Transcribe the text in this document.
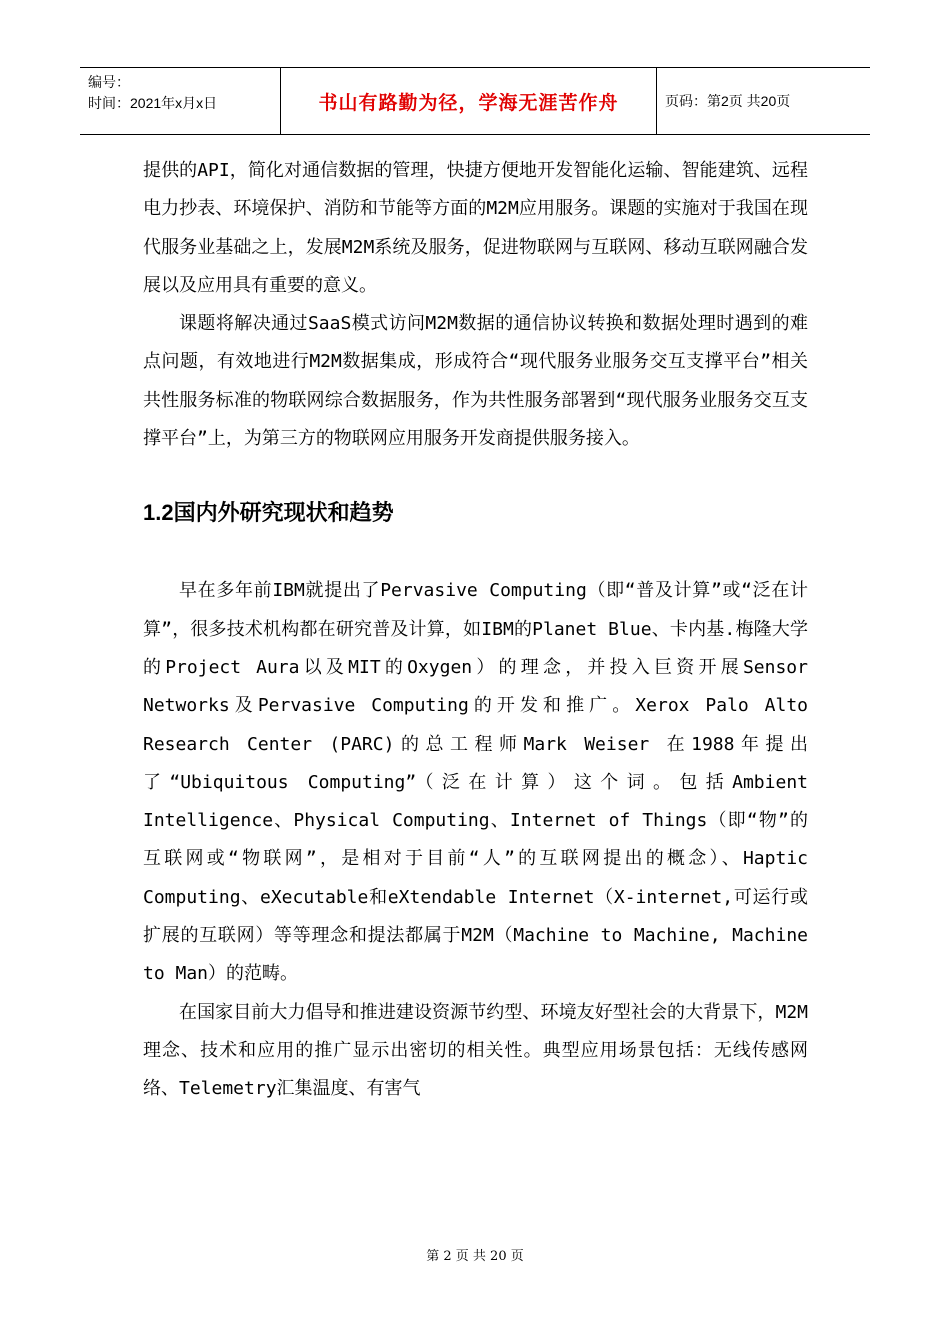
编号：
时间：2021年x月x日	书山有路勤为径，学海无涯苦作舟	页码：第2页 共20页

提供的API，简化对通信数据的管理，快捷方便地开发智能化运输、智能建筑、远程电力抄表、环境保护、消防和节能等方面的M2M应用服务。课题的实施对于我国在现代服务业基础之上，发展M2M系统及服务，促进物联网与互联网、移动互联网融合发展以及应用具有重要的意义。

课题将解决通过SaaS模式访问M2M数据的通信协议转换和数据处理时遇到的难点问题，有效地进行M2M数据集成，形成符合“现代服务业服务交互支撑平台”相关共性服务标准的物联网综合数据服务，作为共性服务部署到“现代服务业服务交互支撑平台”上，为第三方的物联网应用服务开发商提供服务接入。

1.2国内外研究现状和趋势

早在多年前IBM就提出了Pervasive Computing（即“普及计算”或“泛在计算”，很多技术机构都在研究普及计算，如IBM的Planet Blue、卡内基.梅隆大学的Project Aura以及MIT的Oxygen）的理念，并投入巨资开展Sensor Networks及Pervasive Computing的开发和推广。Xerox Palo Alto Research Center (PARC)的总工程师Mark Weiser 在1988年提出了“Ubiquitous Computing”（泛在计算）这个词。包括Ambient Intelligence、Physical Computing、Internet of Things（即“物”的互联网或“物联网”，是相对于目前“人”的互联网提出的概念）、Haptic Computing、eXecutable和eXtendable Internet（X-internet,可运行或扩展的互联网）等等理念和提法都属于M2M（Machine to Machine, Machine to Man）的范畴。

在国家目前大力倡导和推进建设资源节约型、环境友好型社会的大背景下，M2M理念、技术和应用的推广显示出密切的相关性。典型应用场景包括：无线传感网络、Telemetry汇集温度、有害气

第 2 页 共 20 页
